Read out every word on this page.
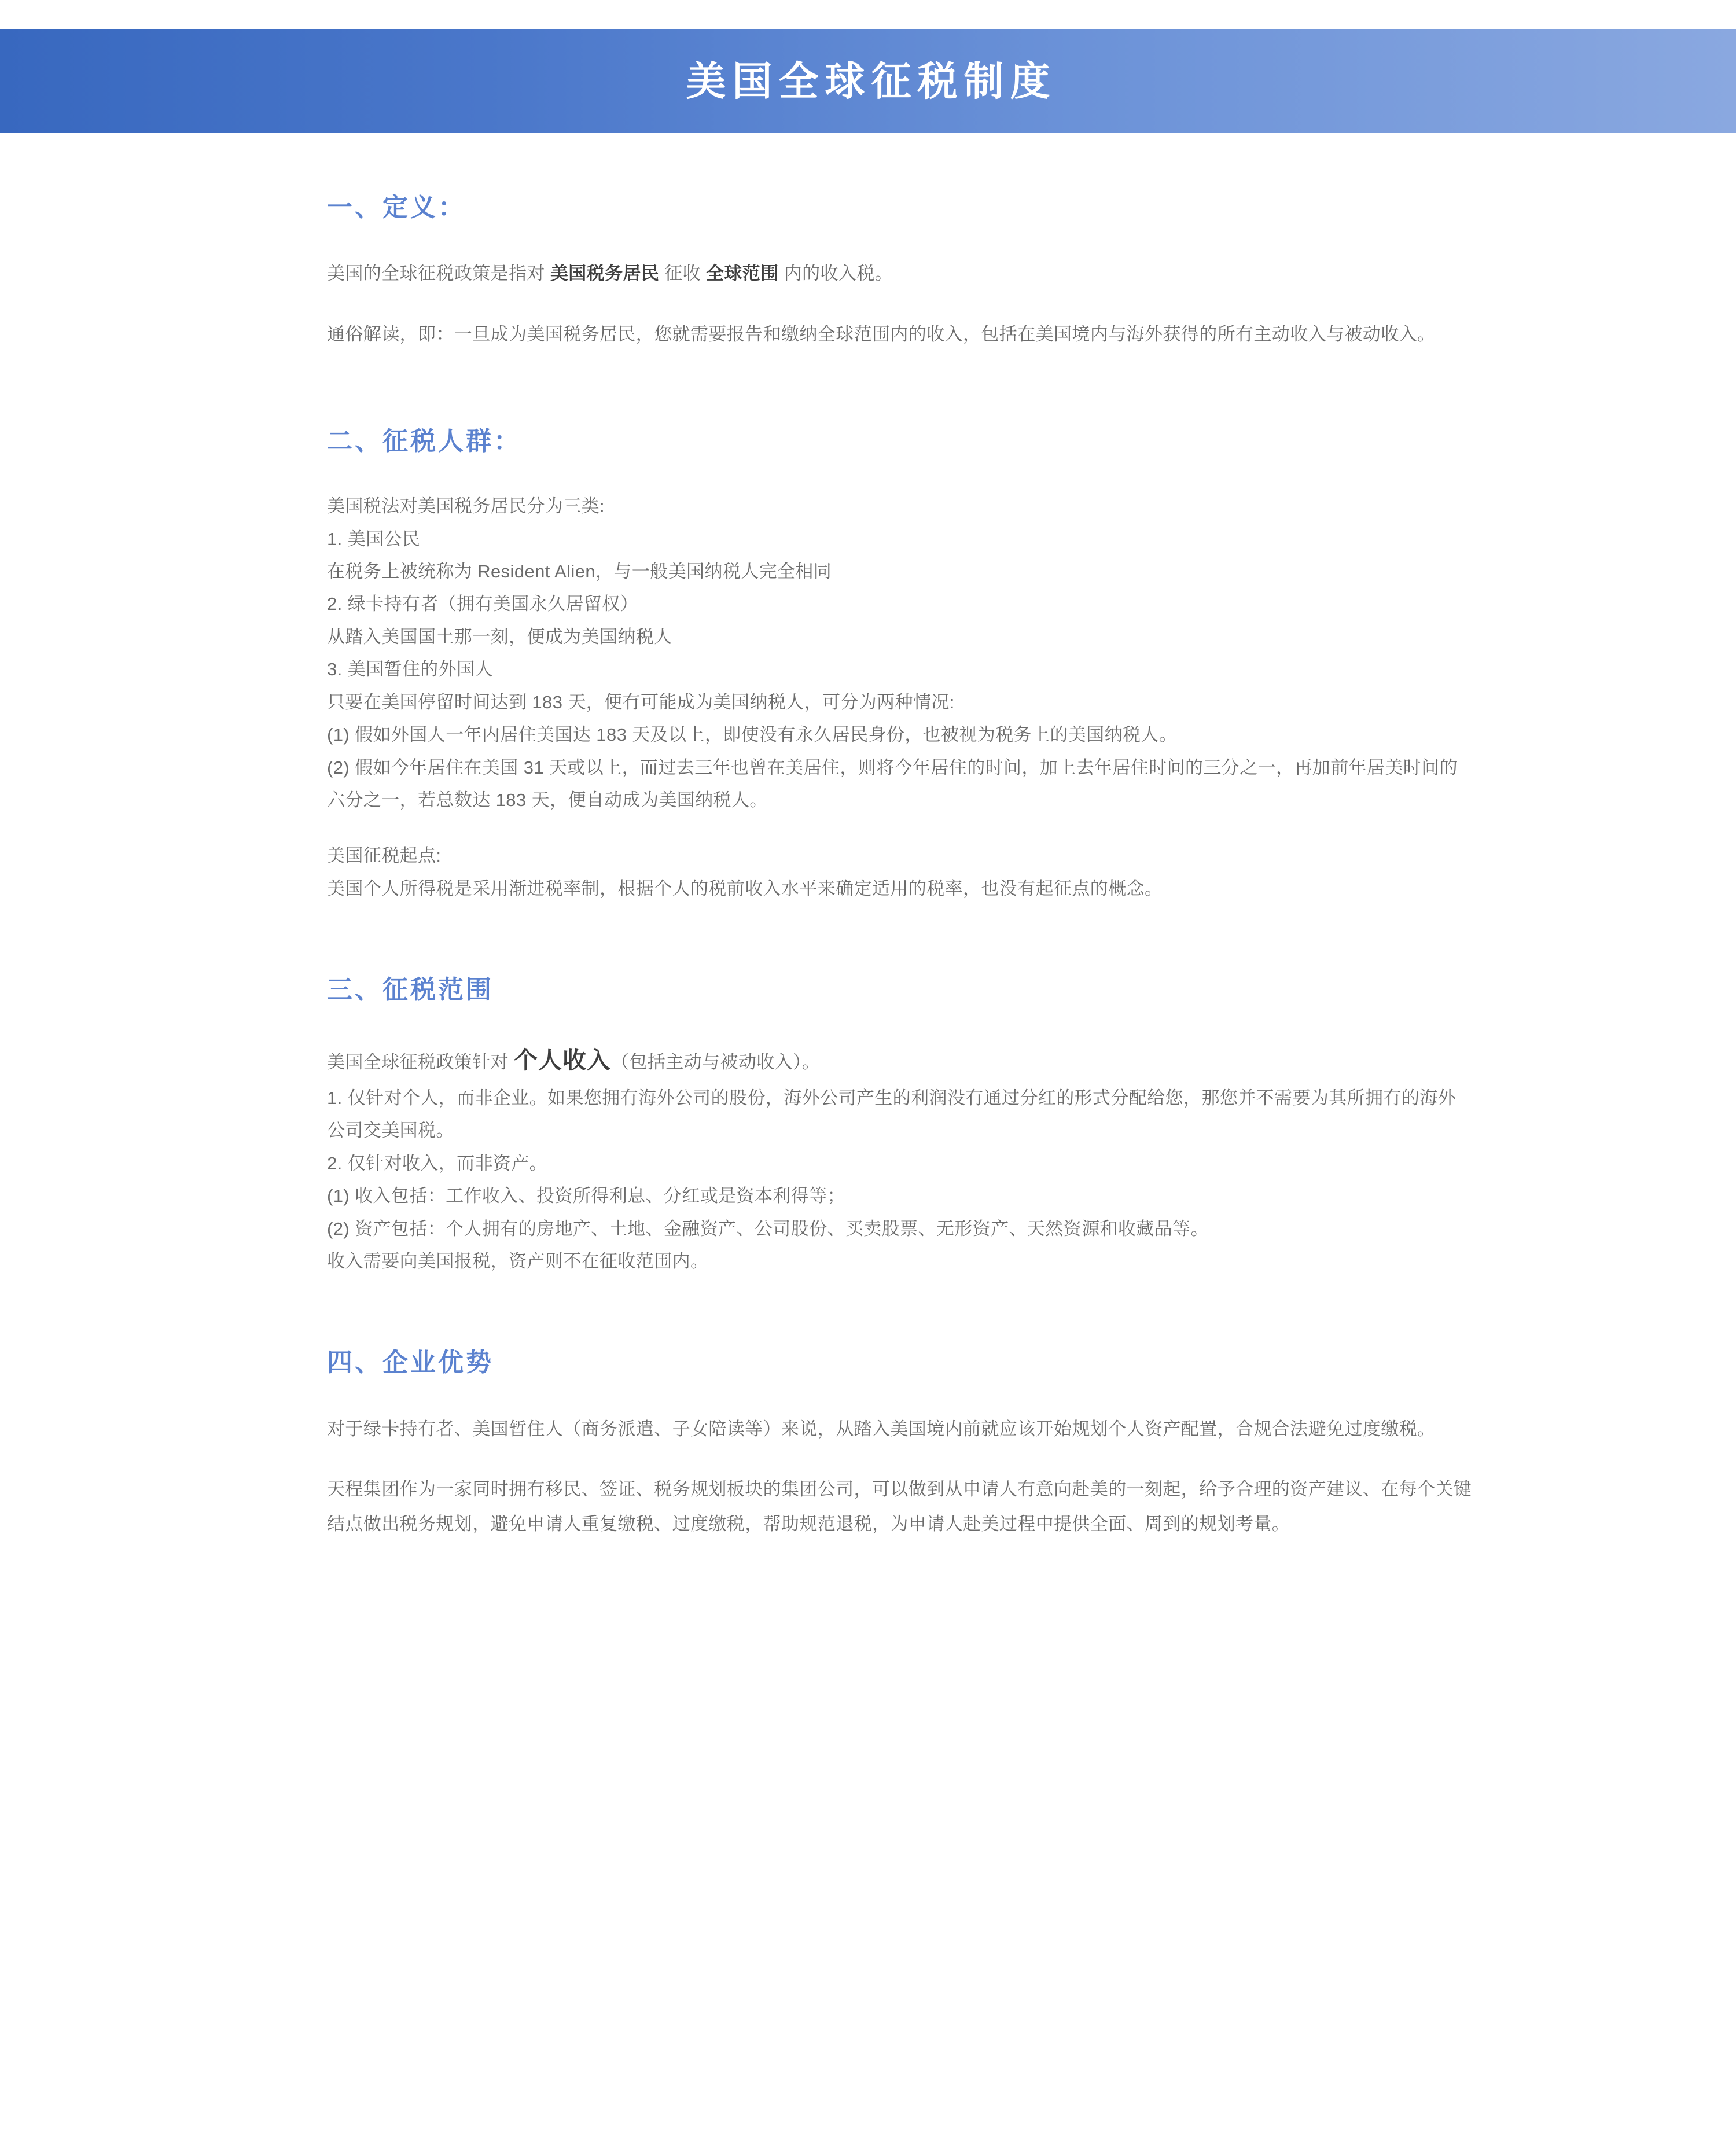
美国全球征税制度
一、定义：

美国的全球征税政策是指对 美国税务居民 征收 全球范围 内的收入税。

通俗解读，即：一旦成为美国税务居民，您就需要报告和缴纳全球范围内的收入，包括在美国境内与海外获得的所有主动收入与被动收入。

二、征税人群：

美国税法对美国税务居民分为三类:

1. 美国公民

在税务上被统称为 Resident Alien，与一般美国纳税人完全相同

2. 绿卡持有者（拥有美国永久居留权）

从踏入美国国土那一刻，便成为美国纳税人

3. 美国暂住的外国人

只要在美国停留时间达到 183 天，便有可能成为美国纳税人，可分为两种情况:

(1) 假如外国人一年内居住美国达 183 天及以上，即使没有永久居民身份，也被视为税务上的美国纳税人。

(2) 假如今年居住在美国 31 天或以上，而过去三年也曾在美居住，则将今年居住的时间，加上去年居住时间的三分之一，再加前年居美时间的六分之一，若总数达 183 天，便自动成为美国纳税人。

美国征税起点:

美国个人所得税是采用渐进税率制，根据个人的税前收入水平来确定适用的税率，也没有起征点的概念。

三、征税范围

美国全球征税政策针对 个人收入（包括主动与被动收入）。

1. 仅针对个人，而非企业。如果您拥有海外公司的股份，海外公司产生的利润没有通过分红的形式分配给您，那您并不需要为其所拥有的海外公司交美国税。

2. 仅针对收入，而非资产。

(1) 收入包括：工作收入、投资所得利息、分红或是资本利得等；

(2) 资产包括：个人拥有的房地产、土地、金融资产、公司股份、买卖股票、无形资产、天然资源和收藏品等。

收入需要向美国报税，资产则不在征收范围内。

四、企业优势

对于绿卡持有者、美国暂住人（商务派遣、子女陪读等）来说，从踏入美国境内前就应该开始规划个人资产配置，合规合法避免过度缴税。

天程集团作为一家同时拥有移民、签证、税务规划板块的集团公司，可以做到从申请人有意向赴美的一刻起，给予合理的资产建议、在每个关键结点做出税务规划，避免申请人重复缴税、过度缴税，帮助规范退税，为申请人赴美过程中提供全面、周到的规划考量。
